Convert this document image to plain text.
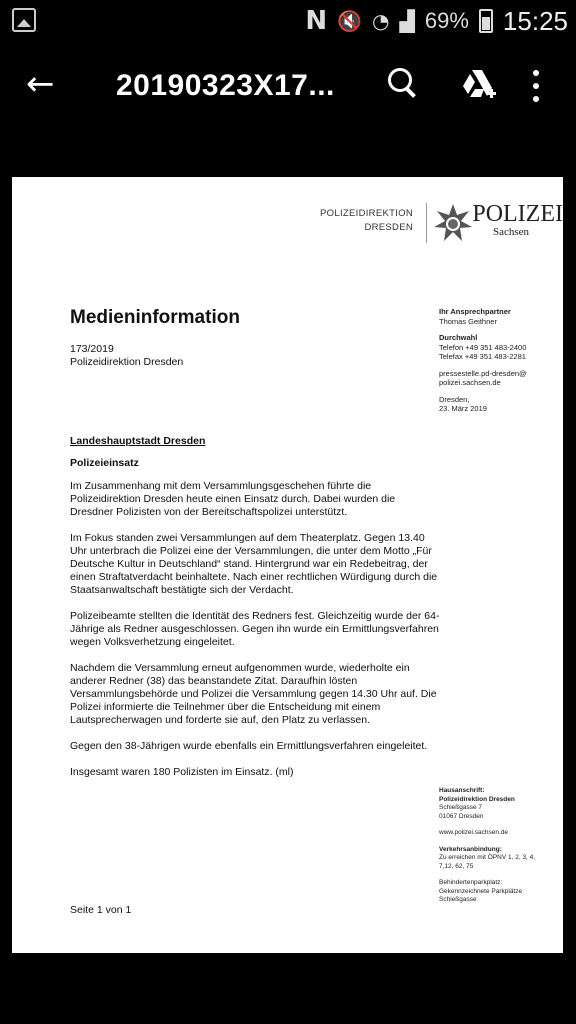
N 🔇 ◔ ▟ 69% 15:25
← 20190323X17...
POLIZEIDIREKTION
DRESDEN
POLIZEI
Sachsen
Medieninformation
173/2019
Polizeidirektion Dresden
Ihr Ansprechpartner
Thomas Geithner
Durchwahl
Telefon +49 351 483-2400
Telefax +49 351 483-2281
pressestelle.pd-dresden@
polizei.sachsen.de
Dresden,
23. März 2019

Landeshauptstadt Dresden

Polizeieinsatz

Im Zusammenhang mit dem Versammlungsgeschehen führte die Polizeidirektion Dresden heute einen Einsatz durch. Dabei wurden die Dresdner Polizisten von der Bereitschaftspolizei unterstützt.

Im Fokus standen zwei Versammlungen auf dem Theaterplatz. Gegen 13.40 Uhr unterbrach die Polizei eine der Versammlungen, die unter dem Motto „Für Deutsche Kultur in Deutschland“ stand. Hintergrund war ein Redebeitrag, der einen Straftatverdacht beinhaltete. Nach einer rechtlichen Würdigung durch die Staatsanwaltschaft bestätigte sich der Verdacht.

Polizeibeamte stellten die Identität des Redners fest. Gleichzeitig wurde der 64-Jährige als Redner ausgeschlossen. Gegen ihn wurde ein Ermittlungsverfahren wegen Volksverhetzung eingeleitet.

Nachdem die Versammlung erneut aufgenommen wurde, wiederholte ein anderer Redner (38) das beanstandete Zitat. Daraufhin lösten Versammlungsbehörde und Polizei die Versammlung gegen 14.30 Uhr auf. Die Polizei informierte die Teilnehmer über die Entscheidung mit einem Lautsprecherwagen und forderte sie auf, den Platz zu verlassen.

Gegen den 38-Jährigen wurde ebenfalls ein Ermittlungsverfahren eingeleitet.

Insgesamt waren 180 Polizisten im Einsatz. (ml)

Hausanschrift:
Polizeidirektion Dresden
Schießgasse 7
01067 Dresden
www.polizei.sachsen.de
Verkehrsanbindung:
Zu erreichen mit ÖPNV 1, 2, 3, 4,
7,12, 62, 75
Behindertenparkplatz:
Gekennzeichnete Parkplätze
Schießgasse
Seite 1 von 1
